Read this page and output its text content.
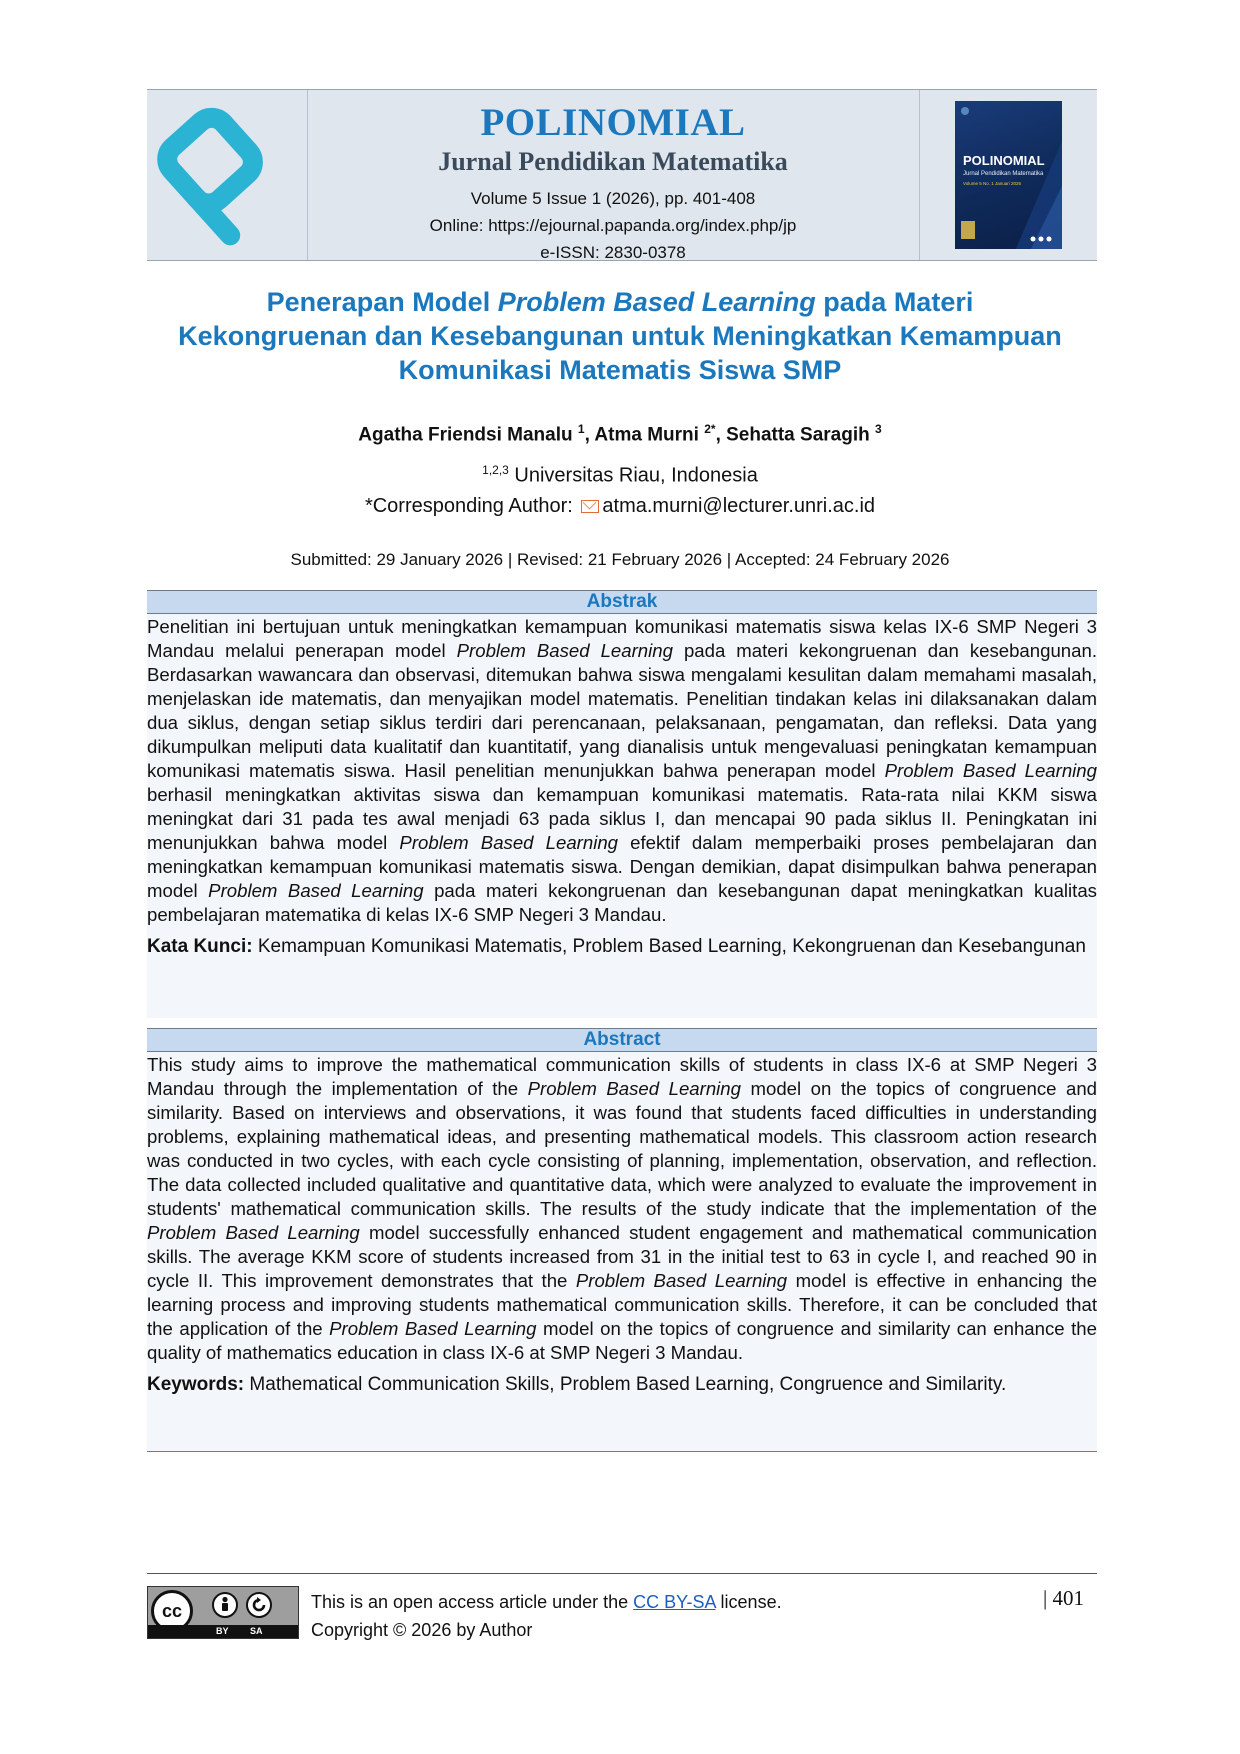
POLINOMIAL
Jurnal Pendidikan Matematika
Volume 5 Issue 1 (2026), pp. 401-408
Online: https://ejournal.papanda.org/index.php/jp
e-ISSN: 2830-0378
POLINOMIAL
Jurnal Pendidikan Matematika
Volume 5 No. 1 Januari 2026
Penerapan Model Problem Based Learning pada Materi
Kekongruenan dan Kesebangunan untuk Meningkatkan Kemampuan
Komunikasi Matematis Siswa SMP
Agatha Friendsi Manalu $^1$, Atma Murni $^{2*}$, Sehatta Saragih $^3$
$^{1,2,3}$ Universitas Riau, Indonesia
*Corresponding Author: atma.murni@lecturer.unri.ac.id
Submitted: 29 January 2026 | Revised: 21 February 2026 | Accepted: 24 February 2026
Abstrak
Penelitian ini bertujuan untuk meningkatkan kemampuan komunikasi matematis siswa kelas IX-6 SMP Negeri 3 Mandau melalui penerapan model Problem Based Learning pada materi kekongruenan dan kesebangunan. Berdasarkan wawancara dan observasi, ditemukan bahwa siswa mengalami kesulitan dalam memahami masalah, menjelaskan ide matematis, dan menyajikan model matematis. Penelitian tindakan kelas ini dilaksanakan dalam dua siklus, dengan setiap siklus terdiri dari perencanaan, pelaksanaan, pengamatan, dan refleksi. Data yang dikumpulkan meliputi data kualitatif dan kuantitatif, yang dianalisis untuk mengevaluasi peningkatan kemampuan komunikasi matematis siswa. Hasil penelitian menunjukkan bahwa penerapan model Problem Based Learning berhasil meningkatkan aktivitas siswa dan kemampuan komunikasi matematis. Rata-rata nilai KKM siswa meningkat dari 31 pada tes awal menjadi 63 pada siklus I, dan mencapai 90 pada siklus II. Peningkatan ini menunjukkan bahwa model Problem Based Learning efektif dalam memperbaiki proses pembelajaran dan meningkatkan kemampuan komunikasi matematis siswa. Dengan demikian, dapat disimpulkan bahwa penerapan model Problem Based Learning pada materi kekongruenan dan kesebangunan dapat meningkatkan kualitas pembelajaran matematika di kelas IX-6 SMP Negeri 3 Mandau.
Kata Kunci: Kemampuan Komunikasi Matematis, Problem Based Learning, Kekongruenan dan Kesebangunan
Abstract
This study aims to improve the mathematical communication skills of students in class IX-6 at SMP Negeri 3 Mandau through the implementation of the Problem Based Learning model on the topics of congruence and similarity. Based on interviews and observations, it was found that students faced difficulties in understanding problems, explaining mathematical ideas, and presenting mathematical models. This classroom action research was conducted in two cycles, with each cycle consisting of planning, implementation, observation, and reflection. The data collected included qualitative and quantitative data, which were analyzed to evaluate the improvement in students' mathematical communication skills. The results of the study indicate that the implementation of the Problem Based Learning model successfully enhanced student engagement and mathematical communication skills. The average KKM score of students increased from 31 in the initial test to 63 in cycle I, and reached 90 in cycle II. This improvement demonstrates that the Problem Based Learning model is effective in enhancing the learning process and improving students mathematical communication skills. Therefore, it can be concluded that the application of the Problem Based Learning model on the topics of congruence and similarity can enhance the quality of mathematics education in class IX-6 at SMP Negeri 3 Mandau.
Keywords: Mathematical Communication Skills, Problem Based Learning, Congruence and Similarity.
cc
BY SA
This is an open access article under the CC BY-SA license.
Copyright © 2026 by Author
| 401
